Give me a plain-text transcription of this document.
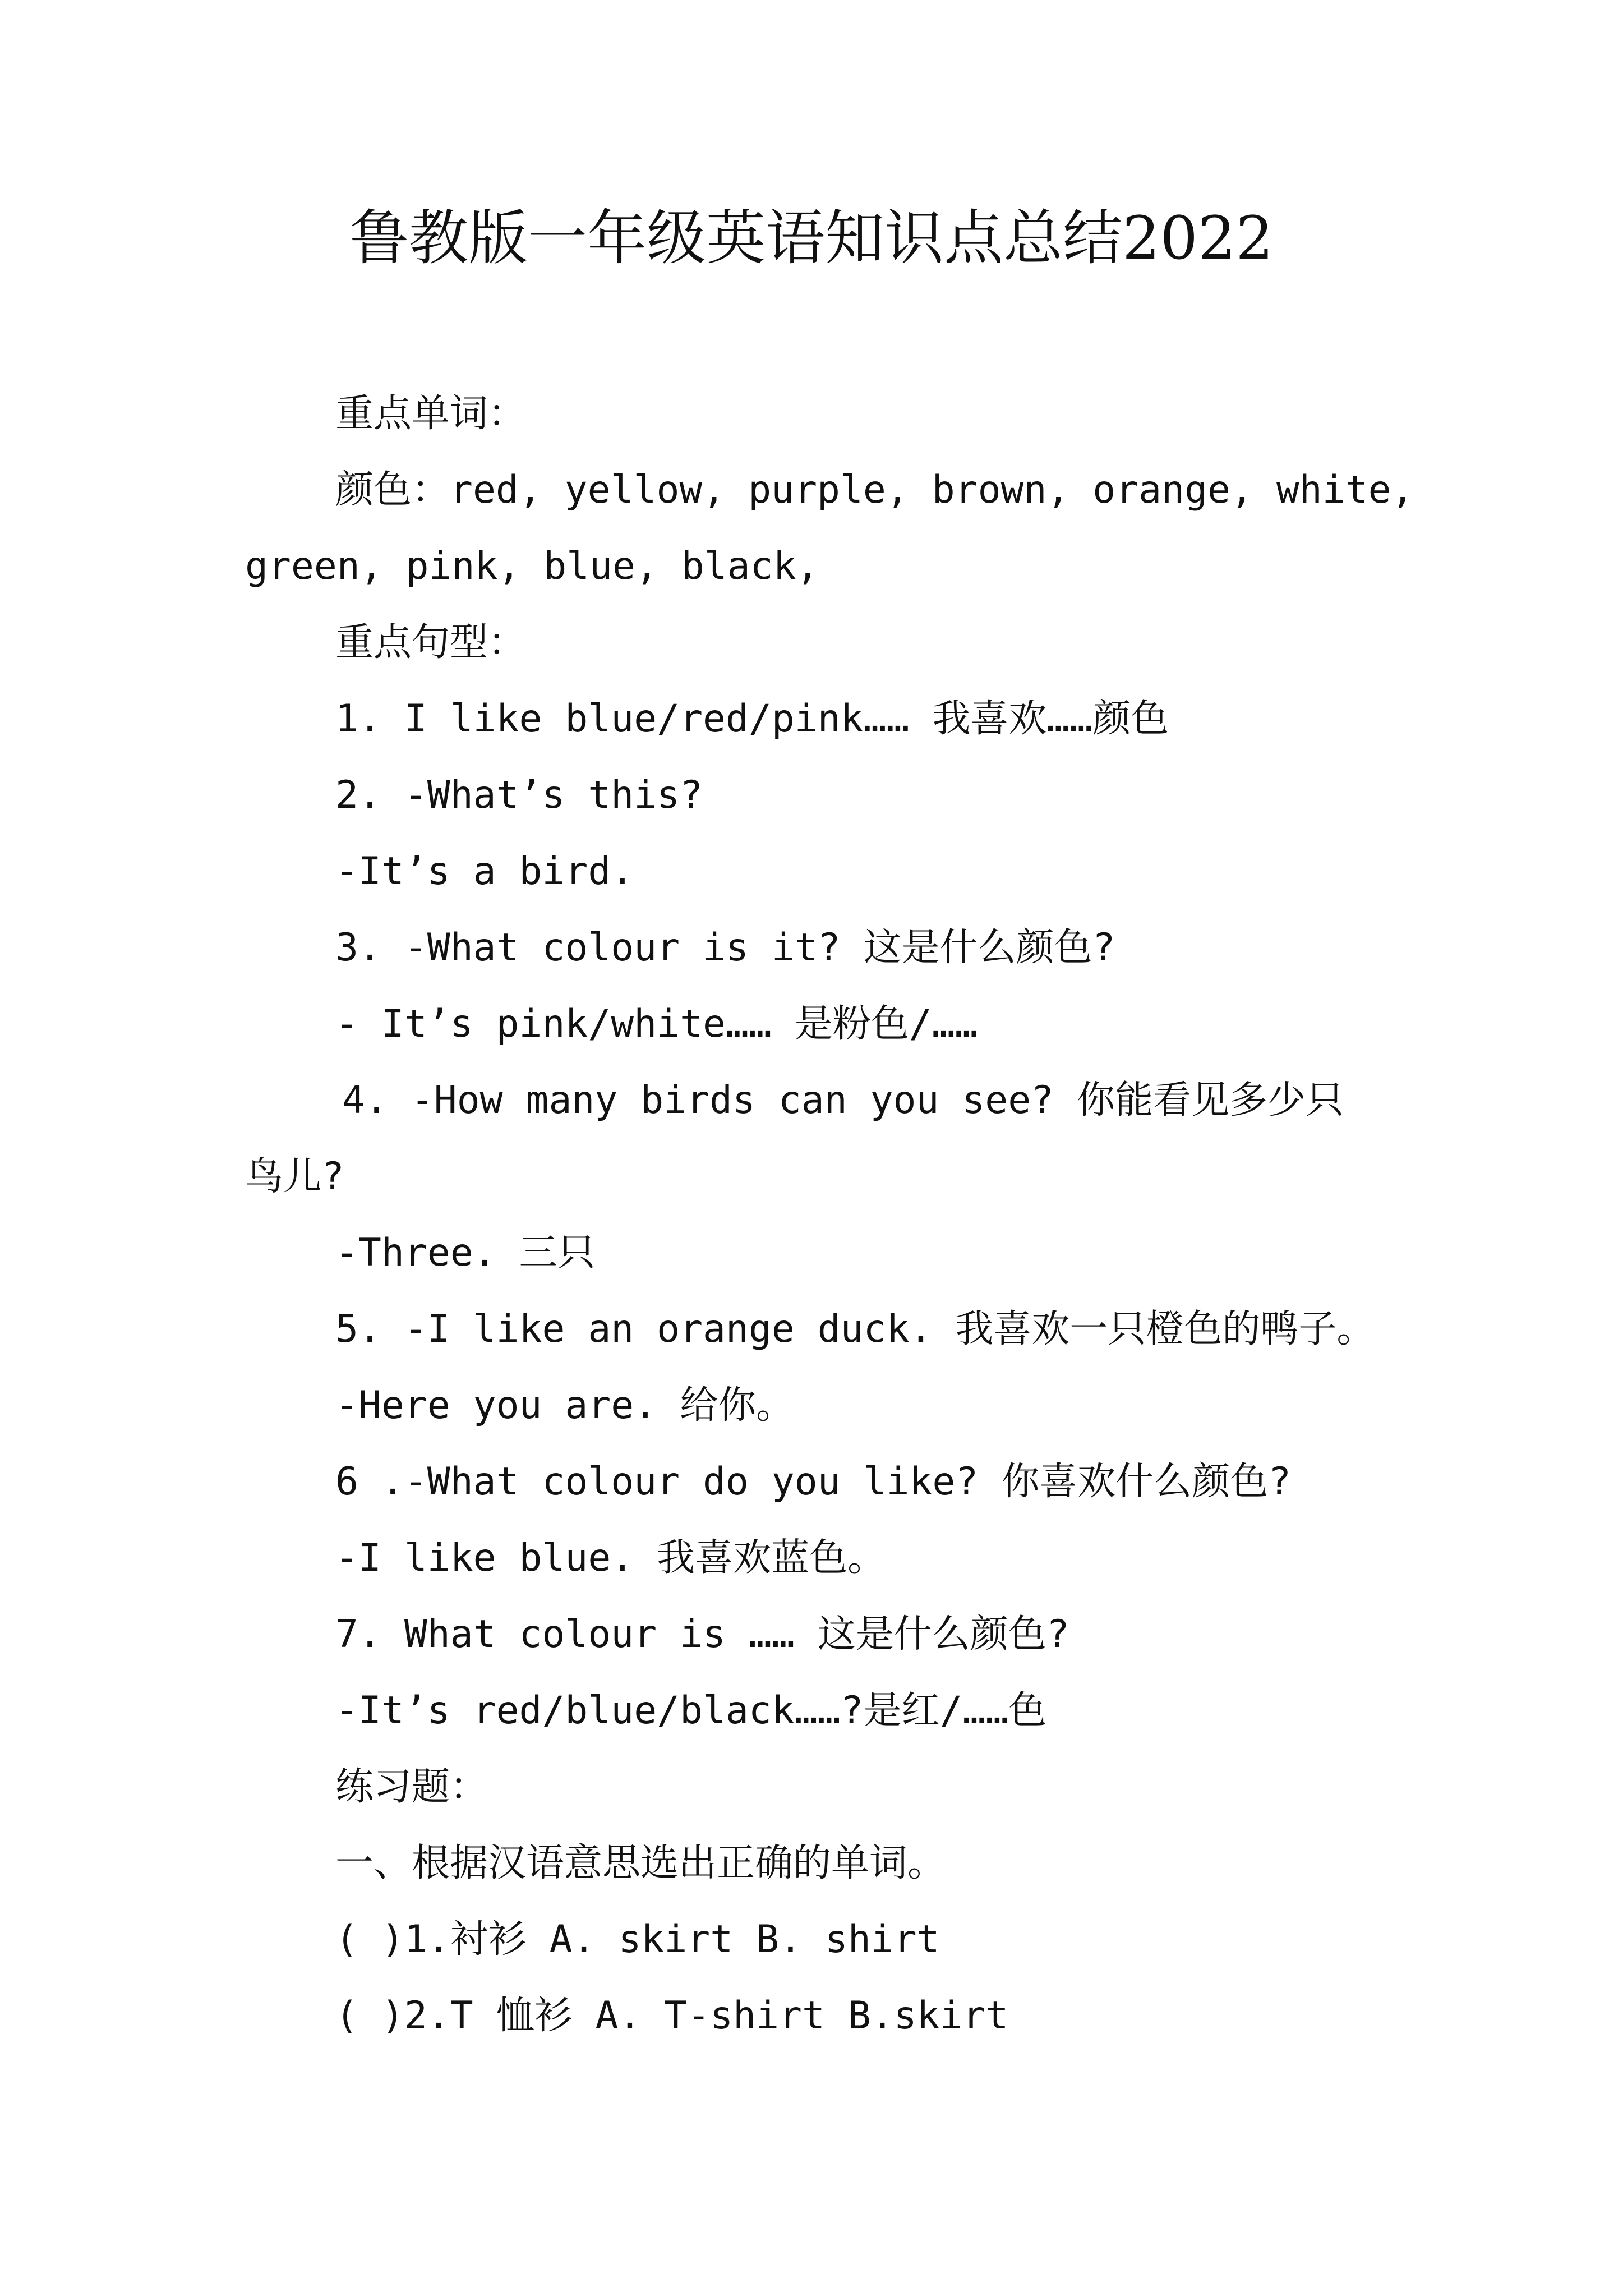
鲁教版一年级英语知识点总结2022
重点单词：
颜色：red, yellow, purple, brown, orange, white,
green, pink, blue, black,
重点句型：
1. I like blue/red/pink…… 我喜欢……颜色
2. -What’s this?
-It’s a bird.
3. -What colour is it? 这是什么颜色?
- It’s pink/white…… 是粉色/……
4. -How many birds can you see? 你能看见多少只
鸟儿?
-Three. 三只
5. -I like an orange duck. 我喜欢一只橙色的鸭子。
-Here you are. 给你。
6 .-What colour do you like? 你喜欢什么颜色?
-I like blue. 我喜欢蓝色。
7. What colour is …… 这是什么颜色?
-It’s red/blue/black……?是红/……色
练习题：
一、根据汉语意思选出正确的单词。
( )1.衬衫 A. skirt B. shirt
( )2.T 恤衫 A. T-shirt B.skirt
